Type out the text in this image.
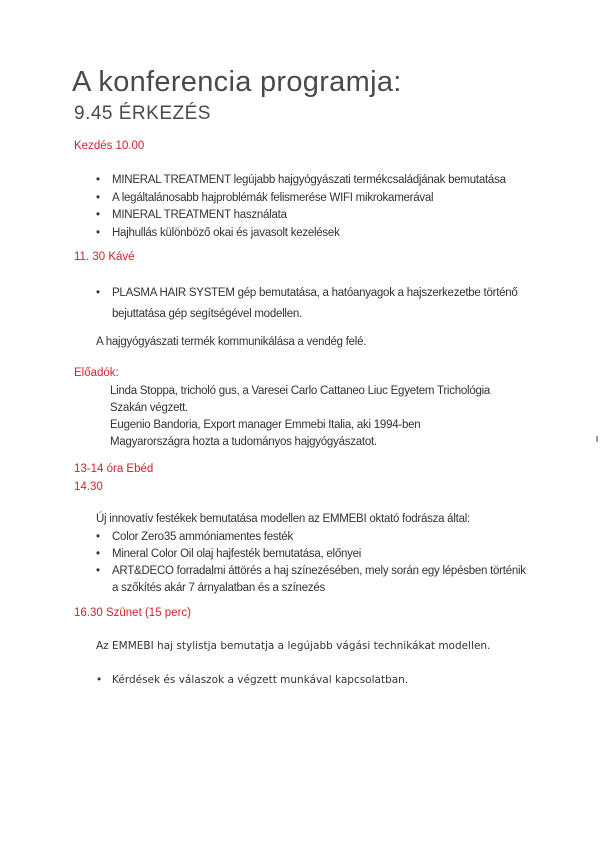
A konferencia programja:
9.45 ÉRKEZÉS
Kezdés 10.00
• MINERAL TREATMENT legújabb hajgyógyászati termékcsaládjának bemutatása
• A legáltalánosabb hajproblémák felismerése WIFI mikrokamerával
• MINERAL TREATMENT használata
• Hajhullás különböző okai és javasolt kezelések
11. 30 Kávé
• PLASMA HAIR SYSTEM gép bemutatása, a hatóanyagok a hajszerkezetbe történő
bejuttatása gép segítségével modellen.
A hajgyógyászati termék kommunikálása a vendég felé.
Előadók:
Linda Stoppa, tricholó gus, a Varesei Carlo Cattaneo Liuc Egyetem Trichológia
Szakán végzett.
Eugenio Bandoria, Export manager Emmebi Italia, aki 1994-ben
Magyarországra hozta a tudományos hajgyógyászatot.
13-14 óra Ebéd
14.30
Új innovatív festékek bemutatása modellen az EMMEBI oktató fodrásza által:
• Color Zero35 ammóniamentes festék
• Mineral Color Oil olaj hajfesték bemutatása, előnyei
• ART&DECO forradalmi áttörés a haj színezésében, mely során egy lépésben történik
a szőkítés akár 7 árnyalatban és a színezés
16.30 Szünet (15 perc)
Az EMMEBI haj stylistja bemutatja a legújabb vágási technikákat modellen.
• Kérdések és válaszok a végzett munkával kapcsolatban.
